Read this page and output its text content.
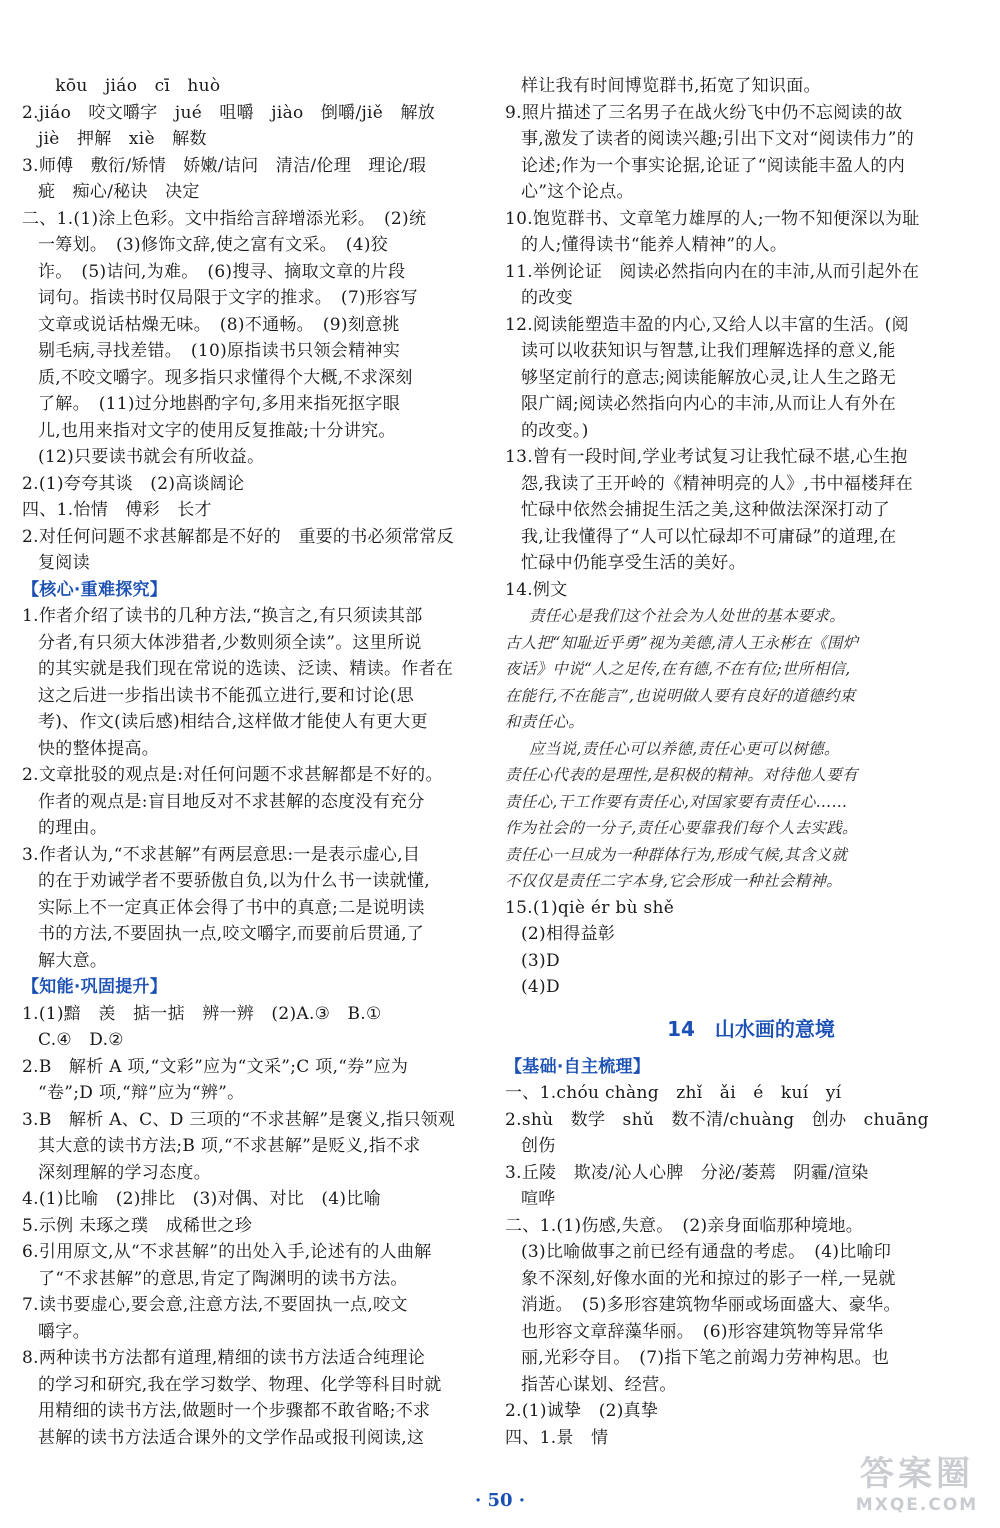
　kōu　jiáo　cī　huò
2.jiáo　咬文嚼字　jué　咀嚼　jiào　倒嚼/jiě　解放
jiè　押解　xiè　解数
3.师傅　敷衍/矫情　娇嫩/诘问　清洁/伦理　理论/瑕
疵　痴心/秘诀　决定
二、1.(1)涂上色彩。文中指给言辞增添光彩。　(2)统
一筹划。　(3)修饰文辞,使之富有文采。　(4)狡
诈。　(5)诘问,为难。　(6)搜寻、摘取文章的片段
词句。指读书时仅局限于文字的推求。　(7)形容写
文章或说话枯燥无味。　(8)不通畅。　(9)刻意挑
剔毛病,寻找差错。　(10)原指读书只领会精神实
质,不咬文嚼字。现多指只求懂得个大概,不求深刻
了解。　(11)过分地斟酌字句,多用来指死抠字眼
儿,也用来指对文字的使用反复推敲;十分讲究。
(12)只要读书就会有所收益。
2.(1)夸夸其谈　(2)高谈阔论
四、1.怡情　傅彩　长才
2.对任何问题不求甚解都是不好的　重要的书必须常常反
复阅读
【核心·重难探究】
1.作者介绍了读书的几种方法,“换言之,有只须读其部
分者,有只须大体涉猎者,少数则须全读”。这里所说
的其实就是我们现在常说的选读、泛读、精读。作者在
这之后进一步指出读书不能孤立进行,要和讨论(思
考)、作文(读后感)相结合,这样做才能使人有更大更
快的整体提高。
2.文章批驳的观点是:对任何问题不求甚解都是不好的。
作者的观点是:盲目地反对不求甚解的态度没有充分
的理由。
3.作者认为,“不求甚解”有两层意思:一是表示虚心,目
的在于劝诫学者不要骄傲自负,以为什么书一读就懂,
实际上不一定真正体会得了书中的真意;二是说明读
书的方法,不要固执一点,咬文嚼字,而要前后贯通,了
解大意。
【知能·巩固提升】
1.(1)黯　羡　掂一掂　辨一辨　(2)A.③　B.①
C.④　D.②
2.B　解析 A 项,“文彩”应为“文采”;C 项,“券”应为
“卷”;D 项,“辩”应为“辨”。
3.B　解析 A、C、D 三项的“不求甚解”是褒义,指只领观
其大意的读书方法;B 项,“不求甚解”是贬义,指不求
深刻理解的学习态度。
4.(1)比喻　(2)排比　(3)对偶、对比　(4)比喻
5.示例 未琢之璞　成稀世之珍
6.引用原文,从“不求甚解”的出处入手,论述有的人曲解
了“不求甚解”的意思,肯定了陶渊明的读书方法。
7.读书要虚心,要会意,注意方法,不要固执一点,咬文
嚼字。
8.两种读书方法都有道理,精细的读书方法适合纯理论
的学习和研究,我在学习数学、物理、化学等科目时就
用精细的读书方法,做题时一个步骤都不敢省略;不求
甚解的读书方法适合课外的文学作品或报刊阅读,这
14　山水画的意境
样让我有时间博览群书,拓宽了知识面。
9.照片描述了三名男子在战火纷飞中仍不忘阅读的故
事,激发了读者的阅读兴趣;引出下文对“阅读伟力”的
论述;作为一个事实论据,论证了“阅读能丰盈人的内
心”这个论点。
10.饱览群书、文章笔力雄厚的人;一物不知便深以为耻
的人;懂得读书“能养人精神”的人。
11.举例论证　阅读必然指向内在的丰沛,从而引起外在
的改变
12.阅读能塑造丰盈的内心,又给人以丰富的生活。(阅
读可以收获知识与智慧,让我们理解选择的意义,能
够坚定前行的意志;阅读能解放心灵,让人生之路无
限广阔;阅读必然指向内心的丰沛,从而让人有外在
的改变。)
13.曾有一段时间,学业考试复习让我忙碌不堪,心生抱
怨,我读了王开岭的《精神明亮的人》,书中福楼拜在
忙碌中依然会捕捉生活之美,这种做法深深打动了
我,让我懂得了“人可以忙碌却不可庸碌”的道理,在
忙碌中仍能享受生活的美好。
14.例文
责任心是我们这个社会为人处世的基本要求。
古人把“知耻近乎勇”视为美德,清人王永彬在《围炉
夜话》中说“人之足传,在有德,不在有位;世所相信,
在能行,不在能言”,也说明做人要有良好的道德约束
和责任心。
应当说,责任心可以养德,责任心更可以树德。
责任心代表的是理性,是积极的精神。对待他人要有
责任心,干工作要有责任心,对国家要有责任心……
作为社会的一分子,责任心要靠我们每个人去实践。
责任心一旦成为一种群体行为,形成气候,其含义就
不仅仅是责任二字本身,它会形成一种社会精神。
15.(1)qiè ér bù shě
(2)相得益彰
(3)D
(4)D
【基础·自主梳理】
一、1.chóu chàng　zhǐ　ǎi　é　kuí　yí
2.shù　数学　shǔ　数不清/chuàng　创办　chuāng
创伤
3.丘陵　欺凌/沁人心脾　分泌/萎蔫　阴霾/渲染
喧哗
二、1.(1)伤感,失意。　(2)亲身面临那种境地。
(3)比喻做事之前已经有通盘的考虑。　(4)比喻印
象不深刻,好像水面的光和掠过的影子一样,一晃就
消逝。　(5)多形容建筑物华丽或场面盛大、豪华。
也形容文章辞藻华丽。　(6)形容建筑物等异常华
丽,光彩夺目。　(7)指下笔之前竭力劳神构思。也
指苦心谋划、经营。
2.(1)诚挚　(2)真挚
四、1.景　情
· 50 ·
答案圈
MXQE.COM
